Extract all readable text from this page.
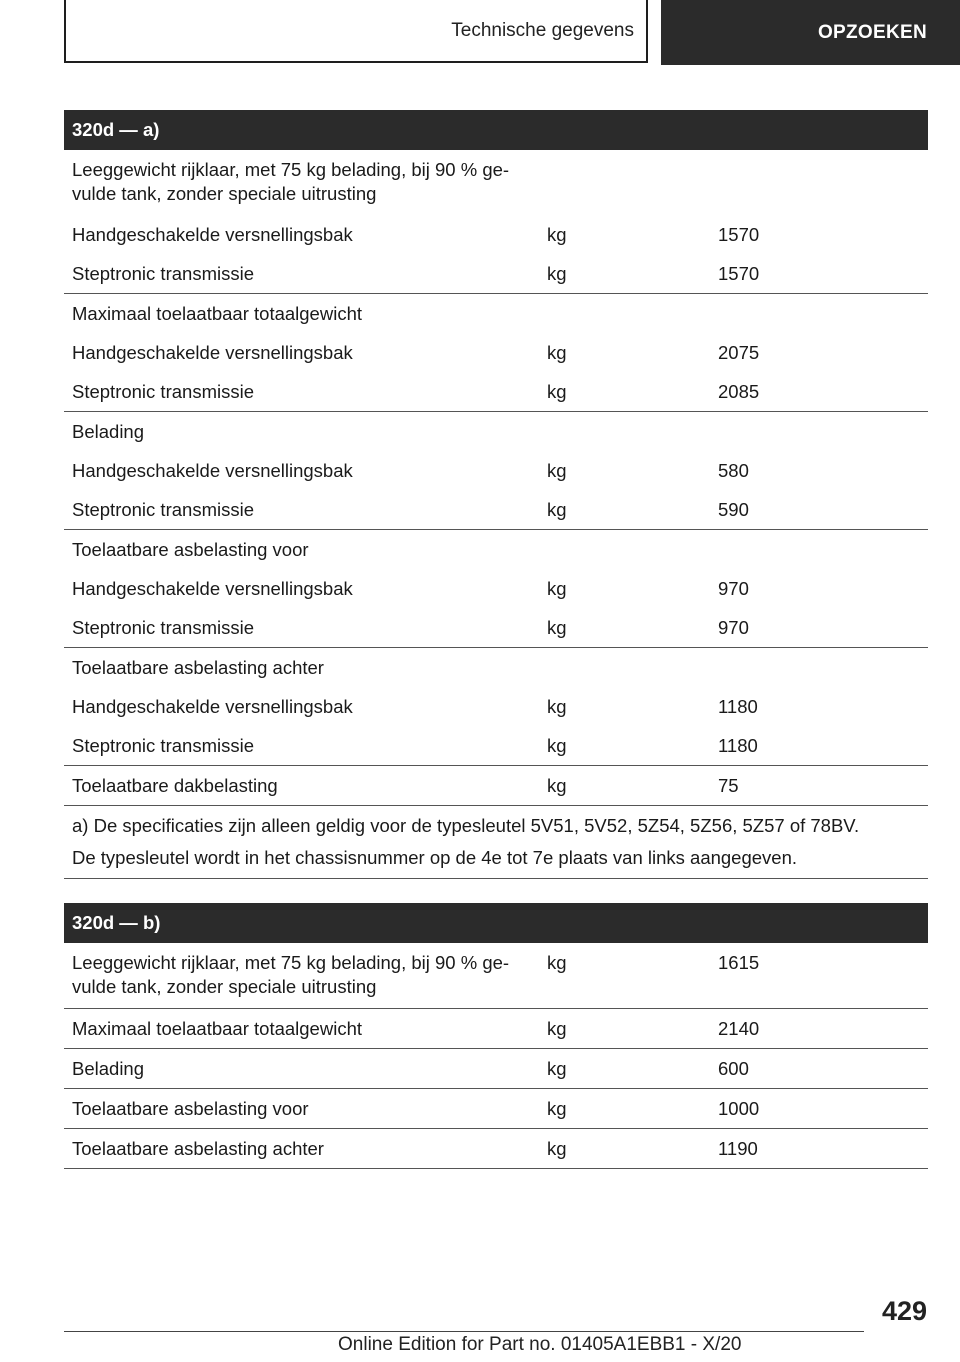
Technische gegevens	OPZOEKEN
320d — a)		
Leeggewicht rijklaar, met 75 kg belading, bij 90 % ge-
vulde tank, zonder speciale uitrusting		
Handgeschakelde versnellingsbak	kg	1570
Steptronic transmissie	kg	1570
Maximaal toelaatbaar totaalgewicht		
Handgeschakelde versnellingsbak	kg	2075
Steptronic transmissie	kg	2085
Belading		
Handgeschakelde versnellingsbak	kg	580
Steptronic transmissie	kg	590
Toelaatbare asbelasting voor		
Handgeschakelde versnellingsbak	kg	970
Steptronic transmissie	kg	970
Toelaatbare asbelasting achter		
Handgeschakelde versnellingsbak	kg	1180
Steptronic transmissie	kg	1180
Toelaatbare dakbelasting	kg	75
a) De specificaties zijn alleen geldig voor de typesleutel 5V51, 5V52, 5Z54, 5Z56, 5Z57 of 78BV.		
De typesleutel wordt in het chassisnummer op de 4e tot 7e plaats van links aangegeven.		
320d — b)		
Leeggewicht rijklaar, met 75 kg belading, bij 90 % ge-
vulde tank, zonder speciale uitrusting	kg	1615
Maximaal toelaatbaar totaalgewicht	kg	2140
Belading	kg	600
Toelaatbare asbelasting voor	kg	1000
Toelaatbare asbelasting achter	kg	1190
429
Online Edition for Part no. 01405A1EBB1 - X/20
